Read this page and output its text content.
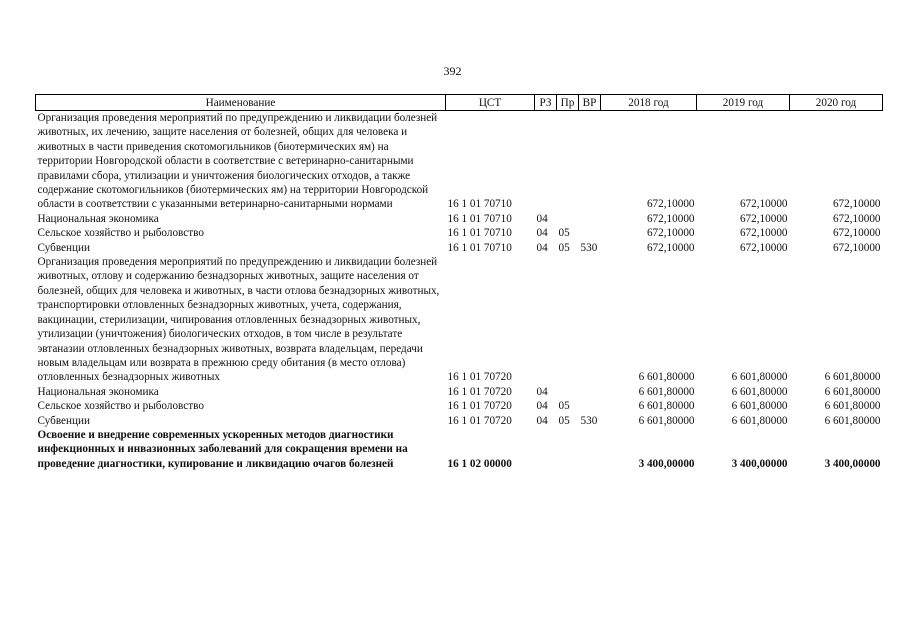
392
Наименование	ЦСТ	РЗ	Пр	ВР	2018 год	2019 год	2020 год
Организация проведения мероприятий по предупреждению и ликвидации болезней животных, их лечению, защите населения от болезней, общих для человека и животных в части приведения скотомогильников (биотермических ям) на территории Новгородской области в соответствие с ветеринарно-санитарными правилами сбора, утилизации и уничтожения биологических отходов, а также содержание скотомогильников (биотермических ям) на территории Новгородской области в соответствии с указанными ветеринарно-санитарными нормами	16 1 01 70710				672,10000	672,10000	672,10000
Национальная экономика	16 1 01 70710	04			672,10000	672,10000	672,10000
Сельское хозяйство и рыболовство	16 1 01 70710	04	05		672,10000	672,10000	672,10000
Субвенции	16 1 01 70710	04	05	530	672,10000	672,10000	672,10000
Организация проведения мероприятий по предупреждению и ликвидации болезней животных, отлову и содержанию безнадзорных животных, защите населения от болезней, общих для человека и животных, в части отлова безнадзорных животных, транспортировки отловленных безнадзорных животных, учета, содержания, вакцинации, стерилизации, чипирования отловленных безнадзорных животных, утилизации (уничтожения) биологических отходов, в том числе в результате эвтаназии отловленных безнадзорных животных, возврата владельцам, передачи новым владельцам или возврата в прежнюю среду обитания (в место отлова) отловленных безнадзорных животных	16 1 01 70720				6 601,80000	6 601,80000	6 601,80000
Национальная экономика	16 1 01 70720	04			6 601,80000	6 601,80000	6 601,80000
Сельское хозяйство и рыболовство	16 1 01 70720	04	05		6 601,80000	6 601,80000	6 601,80000
Субвенции	16 1 01 70720	04	05	530	6 601,80000	6 601,80000	6 601,80000
Освоение и внедрение современных ускоренных методов диагностики инфекционных и инвазионных заболеваний для сокращения времени на проведение диагностики, купирование и ликвидацию очагов болезней	16 1 02 00000				3 400,00000	3 400,00000	3 400,00000
